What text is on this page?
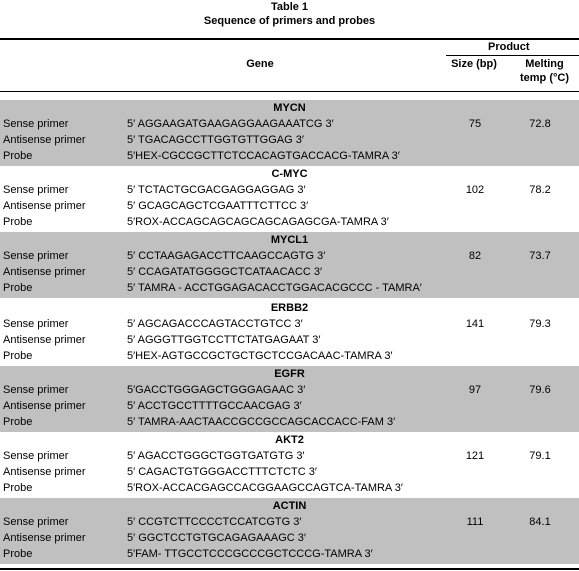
Table 1
Sequence of primers and probes
Product
Gene	Size (bp)	Melting
temp (°C)
MYCN
Sense primer	5′ AGGAAGATGAAGAGGAAGAAATCG 3′	75	72.8
Antisense primer	5′ TGACAGCCTTGGTGTTGGAG 3′
Probe	5′HEX-CGCCGCTTCTCCACAGTGACCACG-TAMRA 3′
C-MYC
Sense primer	5′ TCTACTGCGACGAGGAGGAG 3′	102	78.2
Antisense primer	5′ GCAGCAGCTCGAATTTCTTCC 3′
Probe	5′ROX-ACCAGCAGCAGCAGCAGAGCGA-TAMRA 3′
MYCL1
Sense primer	5′ CCTAAGAGACCTTCAAGCCAGTG 3′	82	73.7
Antisense primer	5′ CCAGATATGGGGCTCATAACACC 3′
Probe	5′ TAMRA - ACCTGGAGACACCTGGACACGCCC - TAMRA′
ERBB2
Sense primer	5′ AGCAGACCCAGTACCTGTCC 3′	141	79.3
Antisense primer	5′ AGGGTTGGTCCTTCTATGAGAAT 3′
Probe	5′HEX-AGTGCCGCTGCTGCTCCGACAAC-TAMRA 3′
EGFR
Sense primer	5′GACCTGGGAGCTGGGAGAAC 3′	97	79.6
Antisense primer	5′ ACCTGCCTTTTGCCAACGAG 3′
Probe	5′ TAMRA-AACTAACCGCCGCCAGCACCACC-FAM 3′
AKT2
Sense primer	5′ AGACCTGGGCTGGTGATGTG 3′	121	79.1
Antisense primer	5′ CAGACTGTGGGACCTTTCTCTC 3′
Probe	5′ROX-ACCACGAGCCACGGAAGCCAGTCA-TAMRA 3′
ACTIN
Sense primer	5′ CCGTCTTCCCCTCCATCGTG 3′	111	84.1
Antisense primer	5′ GGCTCCTGTGCAGAGAAAGC 3′
Probe	5′FAM- TTGCCTCCCGCCCGCTCCCG-TAMRA 3′
